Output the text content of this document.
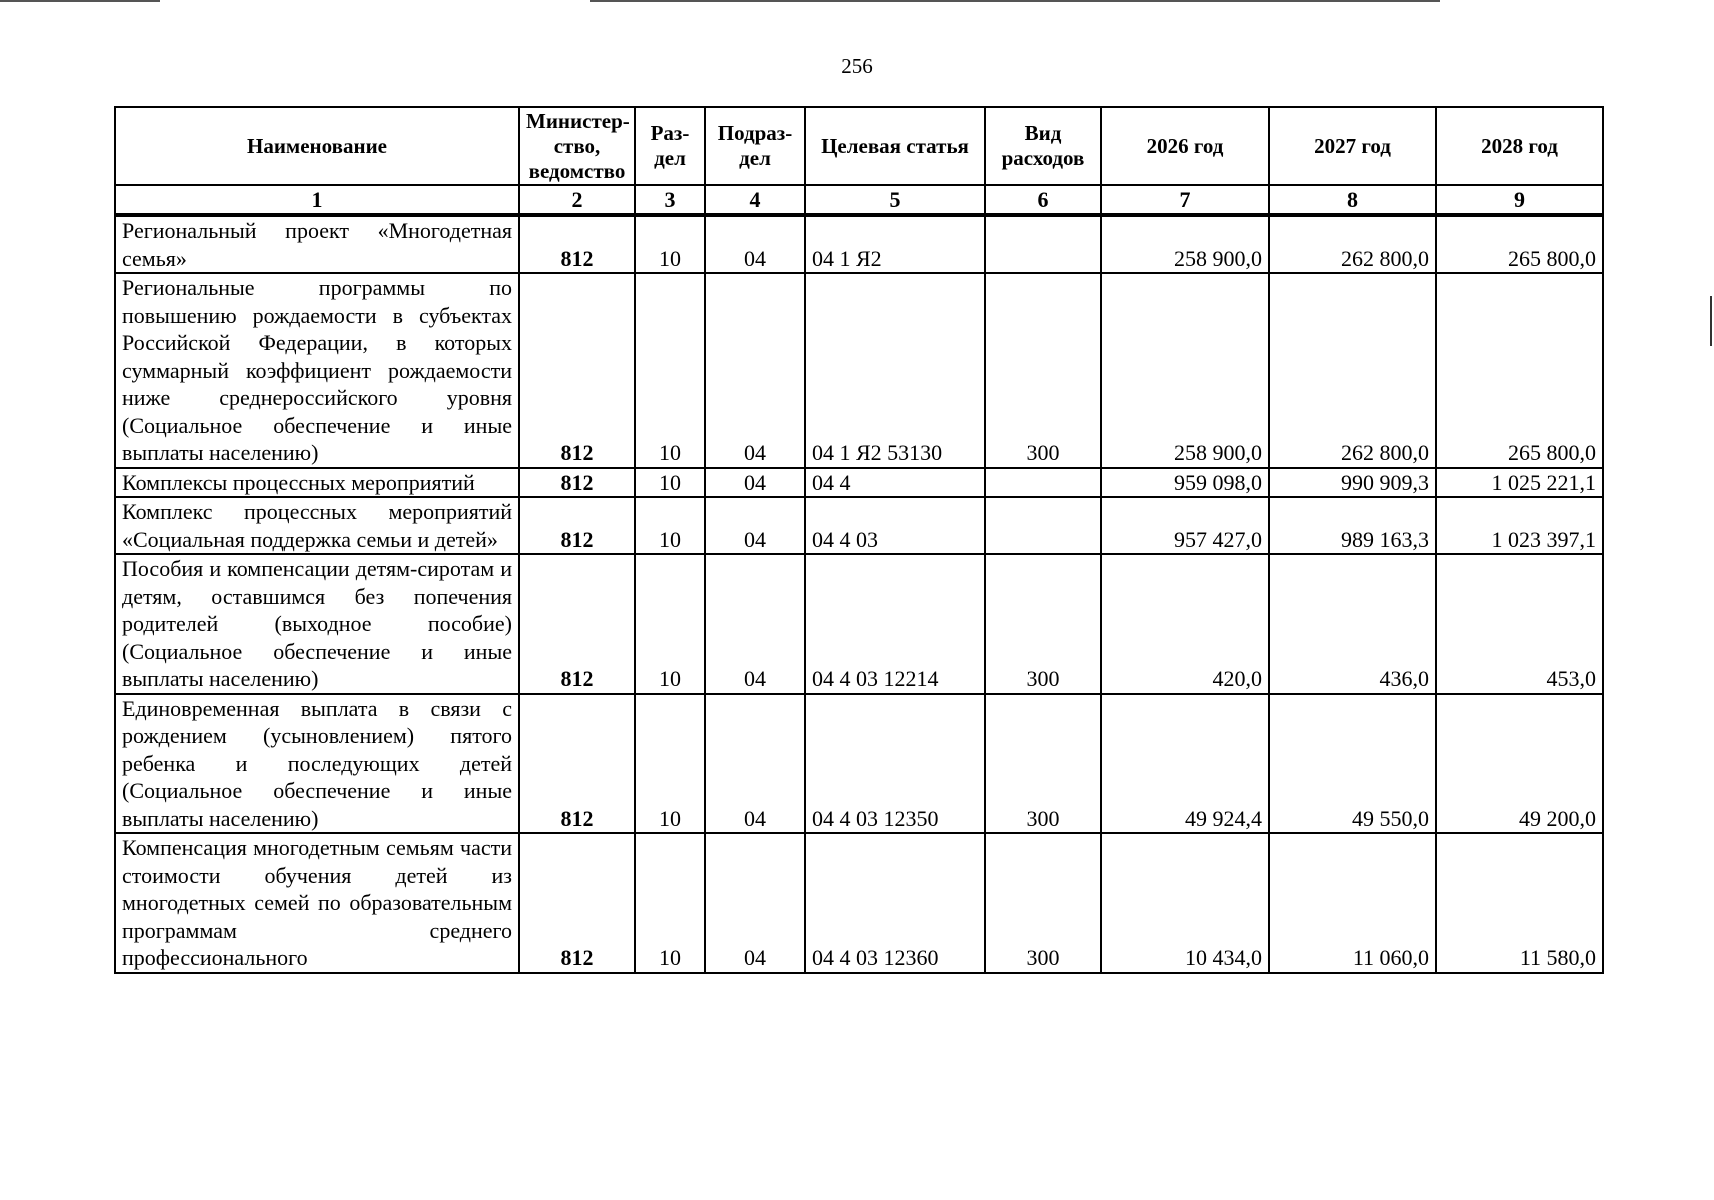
256
Наименование	Министер-ство, ведомство	Раз-дел	Подраз-дел	Целевая статья	Вид расходов	2026 год	2027 год	2028 год
1	2	3	4	5	6	7	8	9
Региональный проект «Многодетная семья»	812	10	04	04 1 Я2		258 900,0	262 800,0	265 800,0
Региональные программы по повышению рождаемости в субъектах Российской Федерации, в которых суммарный коэффициент рождаемости ниже среднероссийского уровня (Социальное обеспечение и иные выплаты населению)	812	10	04	04 1 Я2 53130	300	258 900,0	262 800,0	265 800,0
Комплексы процессных мероприятий	812	10	04	04 4		959 098,0	990 909,3	1 025 221,1
Комплекс процессных мероприятий «Социальная поддержка семьи и детей»	812	10	04	04 4 03		957 427,0	989 163,3	1 023 397,1
Пособия и компенсации детям-сиротам и детям, оставшимся без попечения родителей (выходное пособие) (Социальное обеспечение и иные выплаты населению)	812	10	04	04 4 03 12214	300	420,0	436,0	453,0
Единовременная выплата в связи с рождением (усыновлением) пятого ребенка и последующих детей (Социальное обеспечение и иные выплаты населению)	812	10	04	04 4 03 12350	300	49 924,4	49 550,0	49 200,0
Компенсация многодетным семьям части стоимости обучения детей из многодетных семей по образовательным программам среднего профессионального	812	10	04	04 4 03 12360	300	10 434,0	11 060,0	11 580,0
